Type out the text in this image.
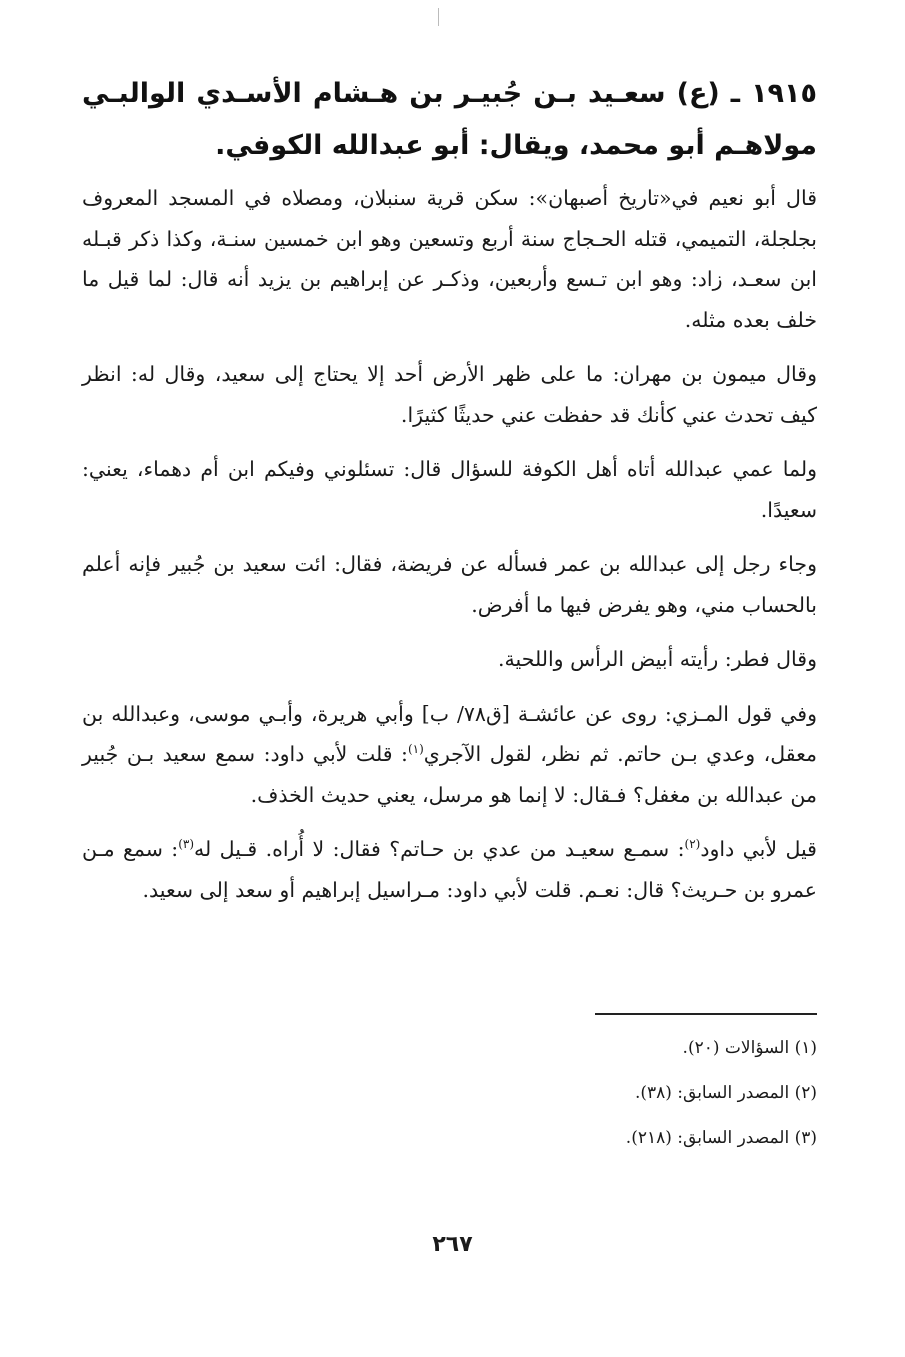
١٩١٥ ـ (ع) سعـيد بـن جُبيـر بن هـشام الأسـدي الوالبـي مولاهـم أبو محمد، ويقال: أبو عبدالله الكوفي.

قال أبو نعيم في«تاريخ أصبهان»: سكن قرية سنبلان، ومصلاه في المسجد المعروف بجلجلة، التميمي، قتله الحـجاج سنة أربع وتسعين وهو ابن خمسين سنـة، وكذا ذكر قبـله ابن سعـد، زاد: وهو ابن تـسع وأربعين، وذكـر عن إبراهيم بن يزيد أنه قال: لما قيل ما خلف بعده مثله.

وقال ميمون بن مهران: ما على ظهر الأرض أحد إلا يحتاج إلى سعيد، وقال له: انظر كيف تحدث عني كأنك قد حفظت عني حديثًا كثيرًا.

ولما عمي عبدالله أتاه أهل الكوفة للسؤال قال: تسئلوني وفيكم ابن أم دهماء، يعني: سعيدًا.

وجاء رجل إلى عبدالله بن عمر فسأله عن فريضة، فقال: ائت سعيد بن جُبير فإنه أعلم بالحساب مني، وهو يفرض فيها ما أفرض.

وقال فطر: رأيته أبيض الرأس واللحية.

وفي قول المـزي: روى عن عائشـة [ق٧٨/ ب] وأبي هريرة، وأبـي موسى، وعبدالله بن معقل، وعدي بـن حاتم. ثم نظر، لقول الآجري$^{(١)}$: قلت لأبي داود: سمع سعيد بـن جُبير من عبدالله بن مغفل؟ فـقال: لا إنما هو مرسل، يعني حديث الخذف.

قيل لأبي داود$^{(٢)}$: سمـع سعيـد من عدي بن حـاتم؟ فقال: لا أُراه. قـيل له$^{(٣)}$: سمع مـن عمرو بن حـريث؟ قال: نعـم. قلت لأبي داود: مـراسيل إبراهيم أو سعد إلى سعيد.

(١) السؤالات (٢٠).
(٢) المصدر السابق: (٣٨).
(٣) المصدر السابق: (٢١٨).
٢٦٧
